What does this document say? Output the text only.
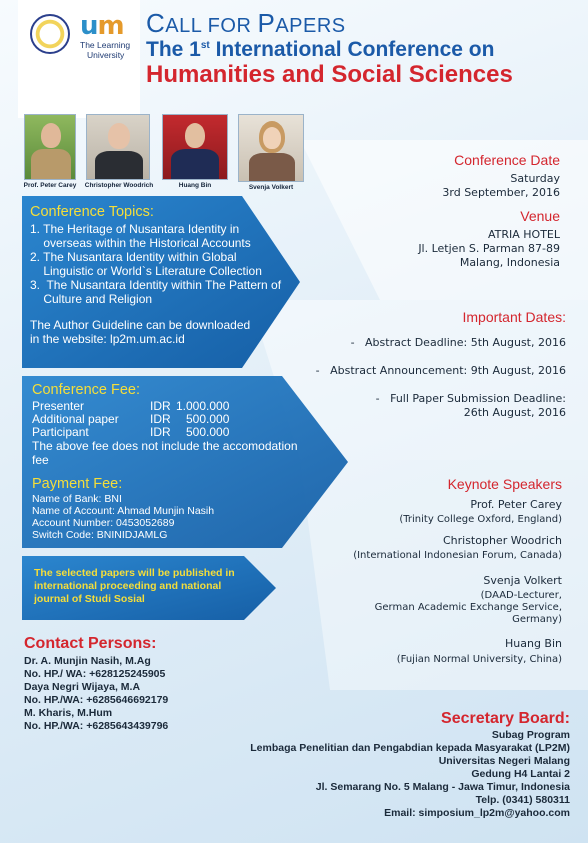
um
The Learning
University
CALL FOR PAPERS
The 1st International Conference on
Humanities and Social Sciences
Prof. Peter Carey	Christopher Woodrich	Huang Bin	Svenja Volkert
Conference Topics:
1. The Heritage of Nusantara Identity in
overseas within the Historical Accounts
2. The Nusantara Identity within Global
Linguistic or World`s Literature Collection
3.  The Nusantara Identity within The Pattern of
Culture and Religion
The Author Guideline can be downloaded
in the website: lp2m.um.ac.id
Conference Fee:
Presenter	IDR 1.000.000
Additional paper	IDR 500.000
Participant	IDR 500.000
The above fee does not include the accomodation
fee
Payment Fee:
Name of Bank: BNI
Name of Account: Ahmad Munjin Nasih
Account Number: 0453052689
Switch Code: BNINIDJAMLG
The selected papers will be published in
international proceeding and national
journal of Studi Sosial
Contact Persons:
Dr. A. Munjin Nasih, M.Ag
No. HP./ WA: +628125245905
Daya Negri Wijaya, M.A
No. HP./WA: +6285646692179
M. Kharis, M.Hum
No. HP./WA: +6285643439796
Conference Date
Saturday
3rd September, 2016
Venue
ATRIA HOTEL
Jl. Letjen S. Parman 87-89
Malang, Indonesia
Important Dates:
-   Abstract Deadline: 5th August, 2016
-   Abstract Announcement: 9th August, 2016
-   Full Paper Submission Deadline:
26th August, 2016
Keynote Speakers
Prof. Peter Carey
(Trinity College Oxford, England)
Christopher Woodrich
(International Indonesian Forum, Canada)
Svenja Volkert
(DAAD-Lecturer,
German Academic Exchange Service,
Germany)
Huang Bin
(Fujian Normal University, China)
Secretary Board:
Subag Program
Lembaga Penelitian dan Pengabdian kepada Masyarakat (LP2M)
Universitas Negeri Malang
Gedung H4 Lantai 2
Jl. Semarang No. 5 Malang - Jawa Timur, Indonesia
Telp. (0341) 580311
Email: simposium_lp2m@yahoo.com
